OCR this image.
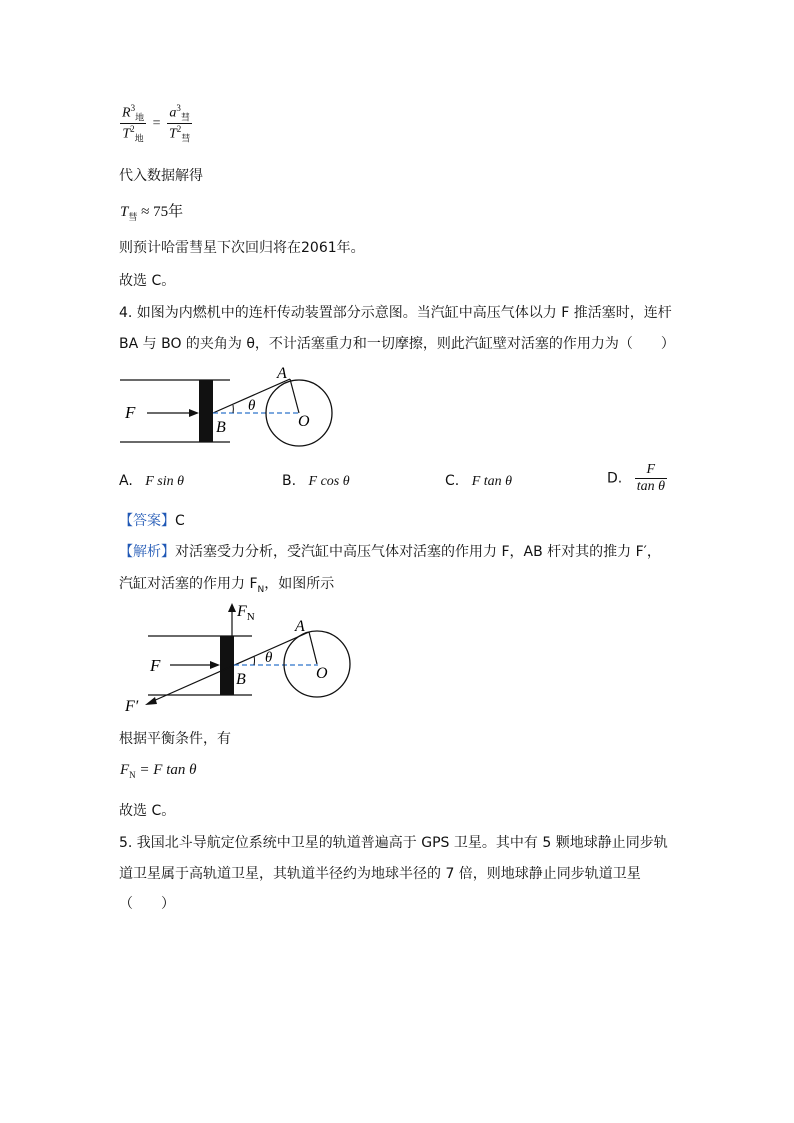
$\frac{R^3_地}{T^2_地} = \frac{a^3_彗}{T^2_彗}$
代入数据解得
$T_彗 \approx 75$年
则预计哈雷彗星下次回归将在2061年。
故选 C。
4. 如图为内燃机中的连杆传动装置部分示意图。当汽缸中高压气体以力 F 推活塞时，连杆
BA 与 BO 的夹角为 θ，不计活塞重力和一切摩擦，则此汽缸壁对活塞的作用力为（　　）
F
A
B	O
θ
A. F sin θ	B. F cos θ	C. F tan θ	D. $\frac{F}{\text{tan θ}}$
【答案】C
【解析】对活塞受力分析，受汽缸中高压气体对活塞的作用力 F，AB 杆对其的推力 F′，
汽缸对活塞的作用力 $F_N$，如图所示
$F_N$
F
F′
A
B	O
θ
根据平衡条件，有
$F_N = F$ tan θ
故选 C。
5. 我国北斗导航定位系统中卫星的轨道普遍高于 GPS 卫星。其中有 5 颗地球静止同步轨
道卫星属于高轨道卫星，其轨道半径约为地球半径的 7 倍，则地球静止同步轨道卫星
（　　）
